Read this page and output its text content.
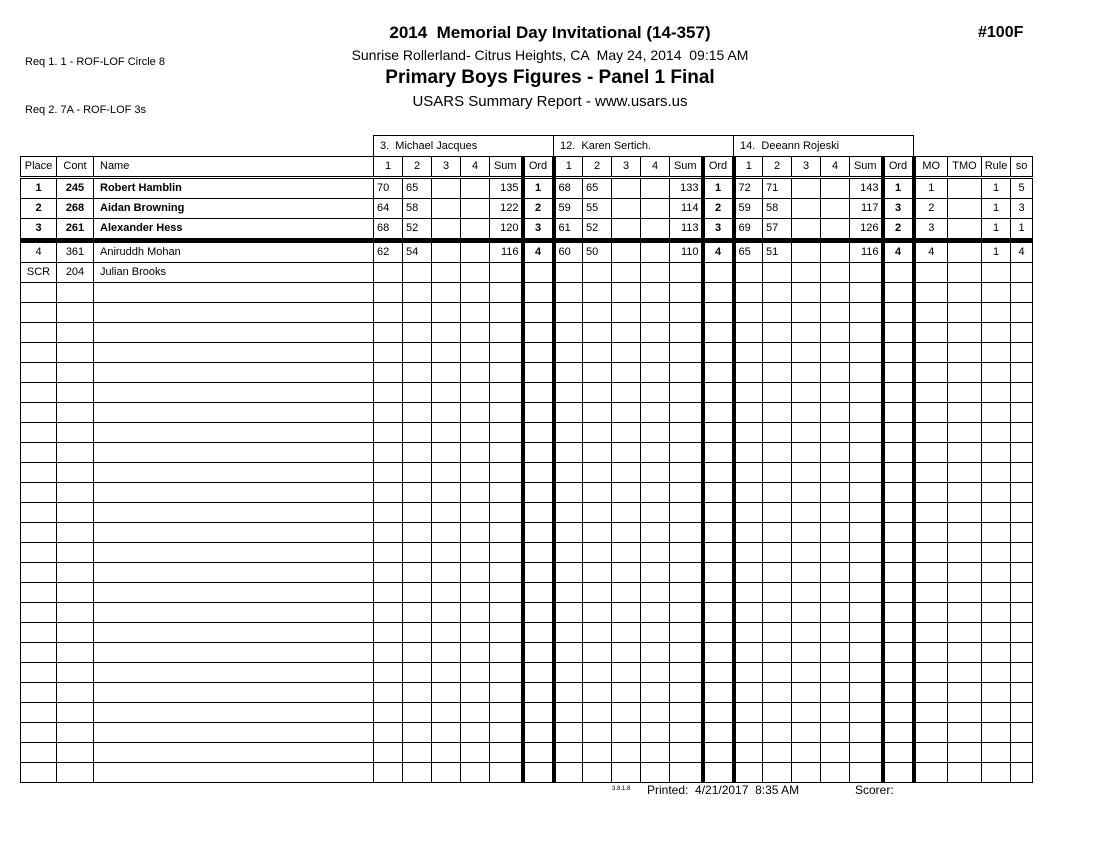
Req 1. 1 - ROF-LOF Circle 8

Req 2. 7A - ROF-LOF 3s

2014  Memorial Day Invitational (14-357)
Sunrise Rollerland- Citrus Heights, CA  May 24, 2014  09:15 AM
Primary Boys Figures - Panel 1 Final
USARS Summary Report - www.usars.us
#100F
			3.  Michael Jacques						12.  Karen Sertich.						14.  Deeann Rojeski									
Place	Cont	Name	1	2	3	4	Sum	Ord	1	2	3	4	Sum	Ord	1	2	3	4	Sum	Ord	MO	TMO	Rule	so
1	245	Robert Hamblin	70	65			135	1	68	65			133	1	72	71			143	1	1		1	5
2	268	Aidan Browning	64	58			122	2	59	55			114	2	59	58			117	3	2		1	3
3	261	Alexander Hess	68	52			120	3	61	52			113	3	69	57			126	2	3		1	1
4	361	Aniruddh Mohan	62	54			116	4	60	50			110	4	65	51			116	4	4		1	4
SCR	204	Julian Brooks																						

3.8.1.8 Printed:  4/21/2017  8:35 AM	Scorer:
